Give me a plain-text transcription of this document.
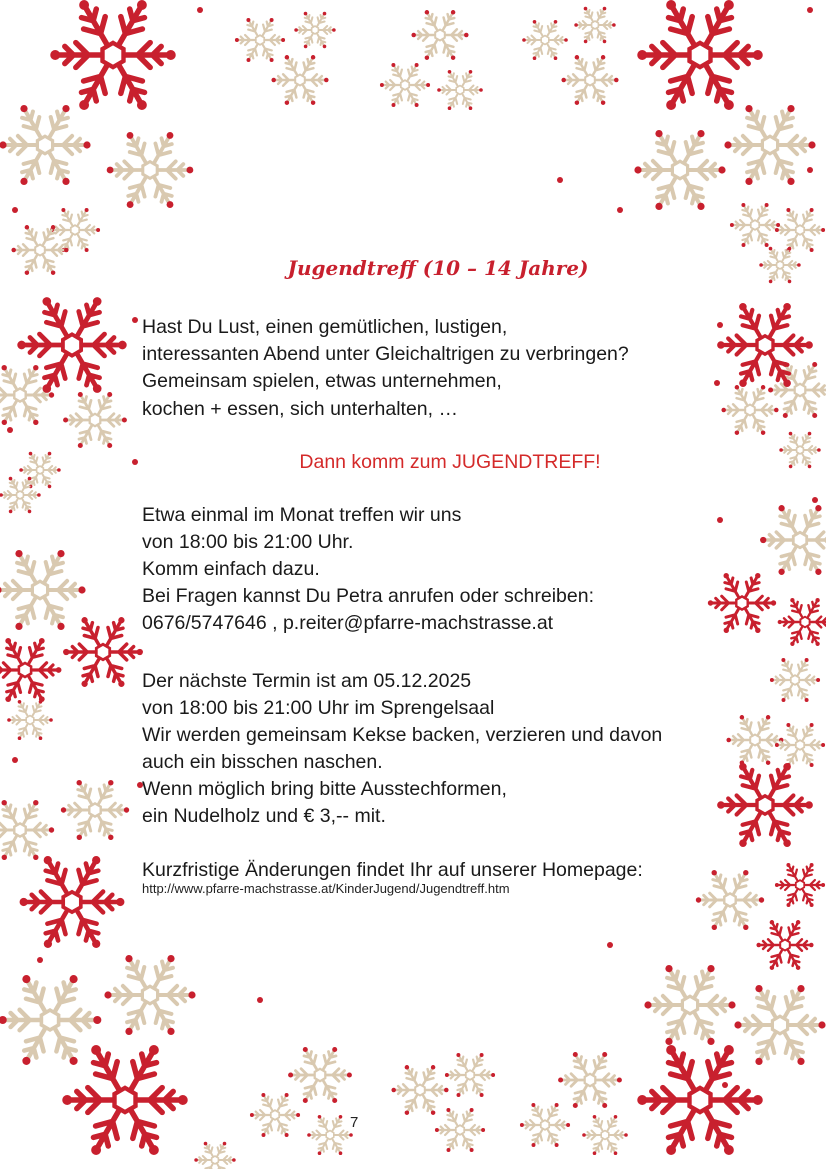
Jugendtreff (10 – 14 Jahre)
Hast Du Lust, einen gemütlichen, lustigen,
interessanten Abend unter Gleichaltrigen zu verbringen?
Gemeinsam spielen, etwas unternehmen,
kochen + essen, sich unterhalten, …
Dann komm zum JUGENDTREFF!
Etwa einmal im Monat treffen wir uns
von 18:00 bis 21:00 Uhr.
Komm einfach dazu.
Bei Fragen kannst Du Petra anrufen oder schreiben:
0676/5747646 , p.reiter@pfarre-machstrasse.at
Der nächste Termin ist am 05.12.2025
von 18:00 bis 21:00 Uhr im Sprengelsaal
Wir werden gemeinsam Kekse backen, verzieren und davon
auch ein bisschen naschen.
Wenn möglich bring bitte Ausstechformen,
ein Nudelholz und € 3,-- mit.
Kurzfristige Änderungen findet Ihr auf unserer Homepage:
http://www.pfarre-machstrasse.at/KinderJugend/Jugendtreff.htm
7
